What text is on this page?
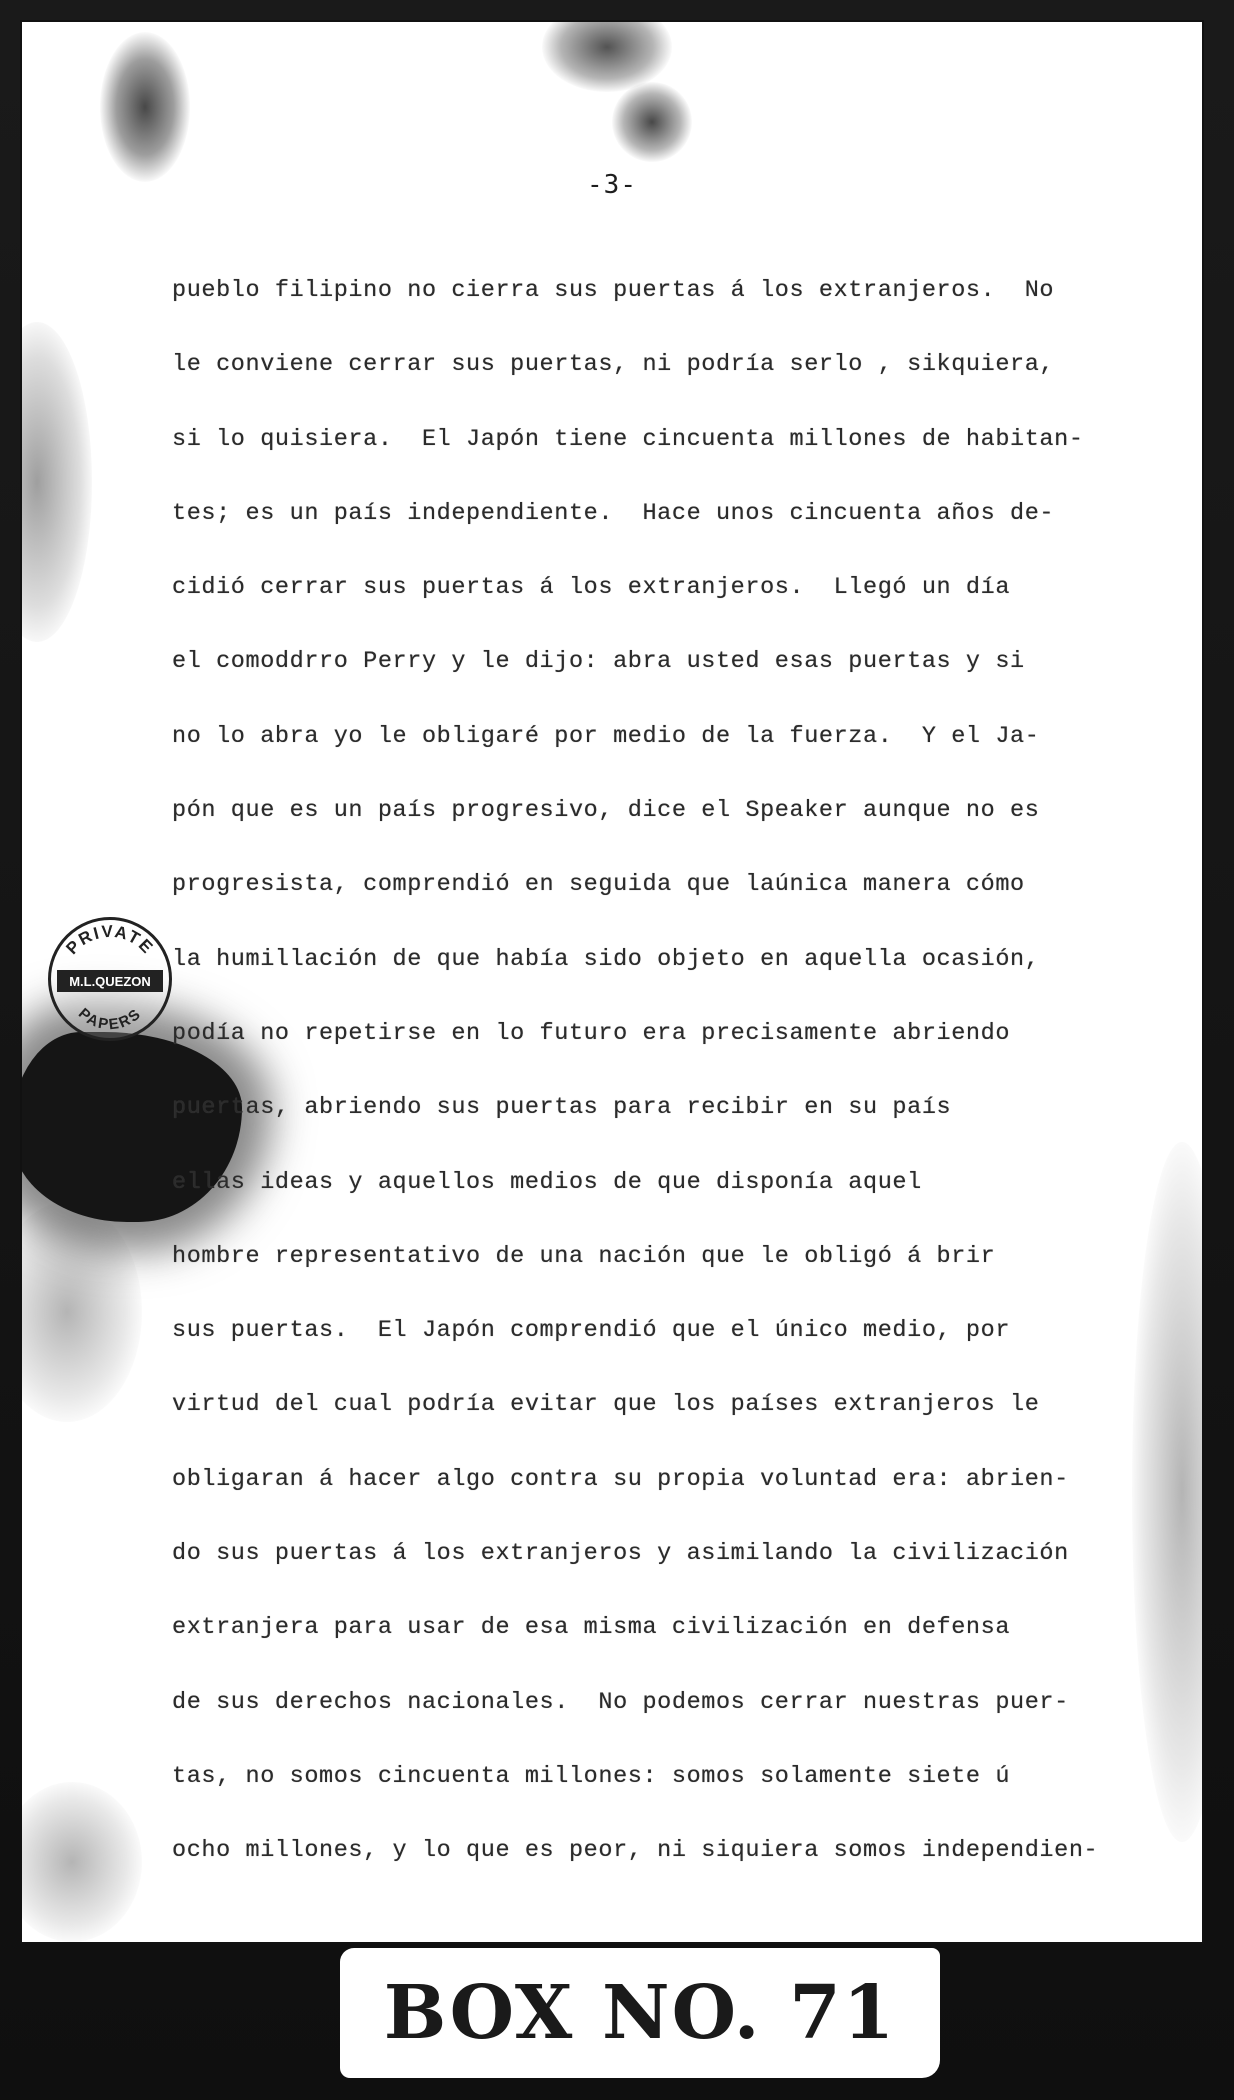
PRIVATE
M.L.QUEZON
PAPERS
-3-
pueblo filipino no cierra sus puertas á los extranjeros.  No
le conviene cerrar sus puertas, ni podría serlo , sikquiera,
si lo quisiera.  El Japón tiene cincuenta millones de habitan-
tes; es un país independiente.  Hace unos cincuenta años de-
cidió cerrar sus puertas á los extranjeros.  Llegó un día
el comoddrro Perry y le dijo: abra usted esas puertas y si
no lo abra yo le obligaré por medio de la fuerza.  Y el Ja-
pón que es un país progresivo, dice el Speaker aunque no es
progresista, comprendió en seguida que laúnica manera cómo
la humillación de que había sido objeto en aquella ocasión,
podía no repetirse en lo futuro era precisamente abriendo
puertas, abriendo sus puertas para recibir en su país
ellas ideas y aquellos medios de que disponía aquel
hombre representativo de una nación que le obligó á brir
sus puertas.  El Japón comprendió que el único medio, por
virtud del cual podría evitar que los países extranjeros le
obligaran á hacer algo contra su propia voluntad era: abrien-
do sus puertas á los extranjeros y asimilando la civilización
extranjera para usar de esa misma civilización en defensa
de sus derechos nacionales.  No podemos cerrar nuestras puer-
tas, no somos cincuenta millones: somos solamente siete ú
ocho millones, y lo que es peor, ni siquiera somos independien-
BOX NO. 71
